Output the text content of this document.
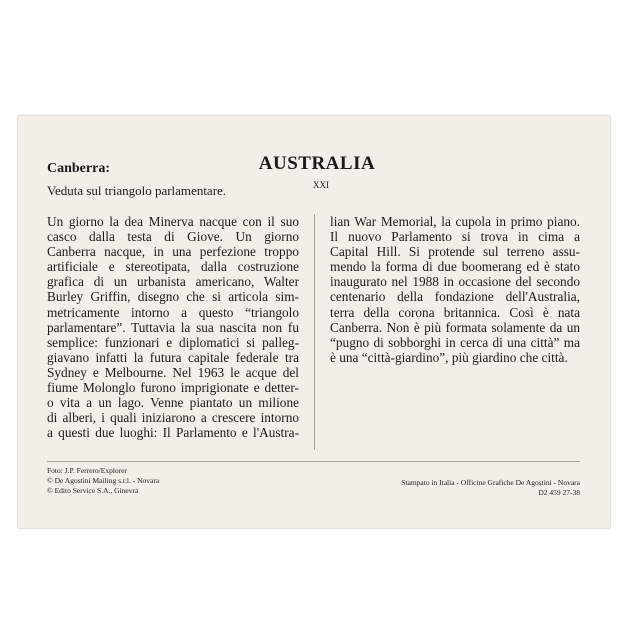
Canberra:
Veduta sul triangolo parlamentare.
AUSTRALIA
XXI
Un giorno la dea Minerva nacque con il suo
casco dalla testa di Giove. Un giorno
Canberra nacque, in una perfezione troppo
artificiale e stereotipata, dalla costruzione
grafica di un urbanista americano, Walter
Burley Griffin, disegno che si articola sim-
metricamente intorno a questo “triangolo
parlamentare”. Tuttavia la sua nascita non fu
semplice: funzionari e diplomatici si palleg-
giavano infatti la futura capitale federale tra
Sydney e Melbourne. Nel 1963 le acque del
fiume Molonglo furono imprigionate e detter-
o vita a un lago. Venne piantato un milione
di alberi, i quali iniziarono a crescere intorno
a questi due luoghi: Il Parlamento e l'Austra-
lian War Memorial, la cupola in primo piano.
Il nuovo Parlamento si trova in cima a
Capital Hill. Si protende sul terreno assu-
mendo la forma di due boomerang ed è stato
inaugurato nel 1988 in occasione del secondo
centenario della fondazione dell'Australia,
terra della corona britannica. Così è nata
Canberra. Non è più formata solamente da un
“pugno di sobborghi in cerca di una città” ma
è una “città-giardino”, più giardino che città.
Foto: J.P. Ferrero/Explorer
© De Agostini Mailing s.r.l. - Novara
© Edito Service S.A., Ginevra
Stampato in Italia - Officine Grafiche De Agostini - Novara
D2 459 27-38
